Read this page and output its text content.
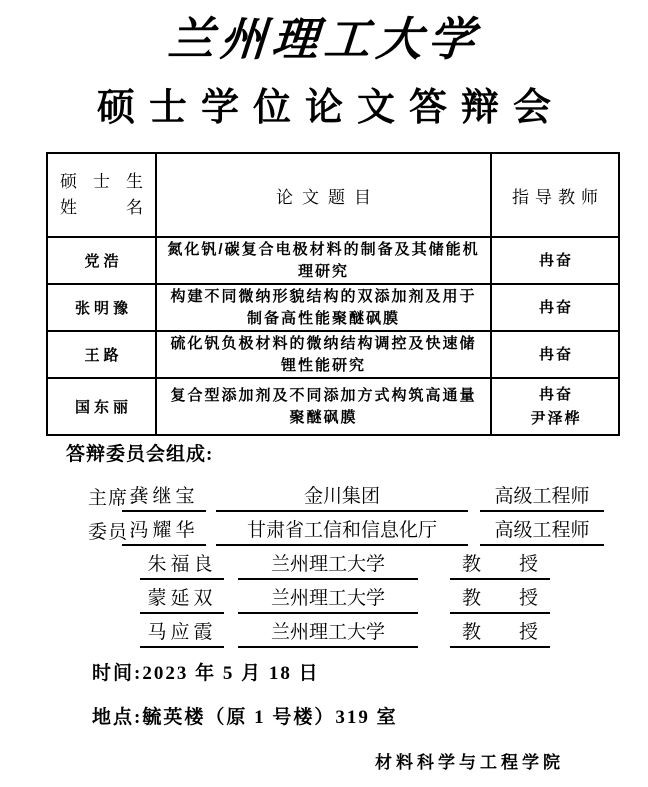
兰州理工大学
硕士学位论文答辩会
硕士生
姓名	论文题目	指导教师
党浩	氮化钒/碳复合电极材料的制备及其储能机理研究	冉奋

张明豫	构建不同微纳形貌结构的双添加剂及用于制备高性能聚醚砜膜	冉奋

王路	硫化钒负极材料的微纳结构调控及快速储锂性能研究	冉奋

国东丽	复合型添加剂及不同添加方式构筑高通量聚醚砜膜	冉奋
尹泽桦
答辩委员会组成:
主席：
龚继宝	金川集团	高级工程师
委员：
冯耀华	甘肃省工信和信息化厅	高级工程师
朱福良	兰州理工大学	教　　授
蒙延双	兰州理工大学	教　　授
马应霞	兰州理工大学	教　　授
时间:2023 年 5 月 18 日
地点:毓英楼（原 1 号楼）319 室
材料科学与工程学院
